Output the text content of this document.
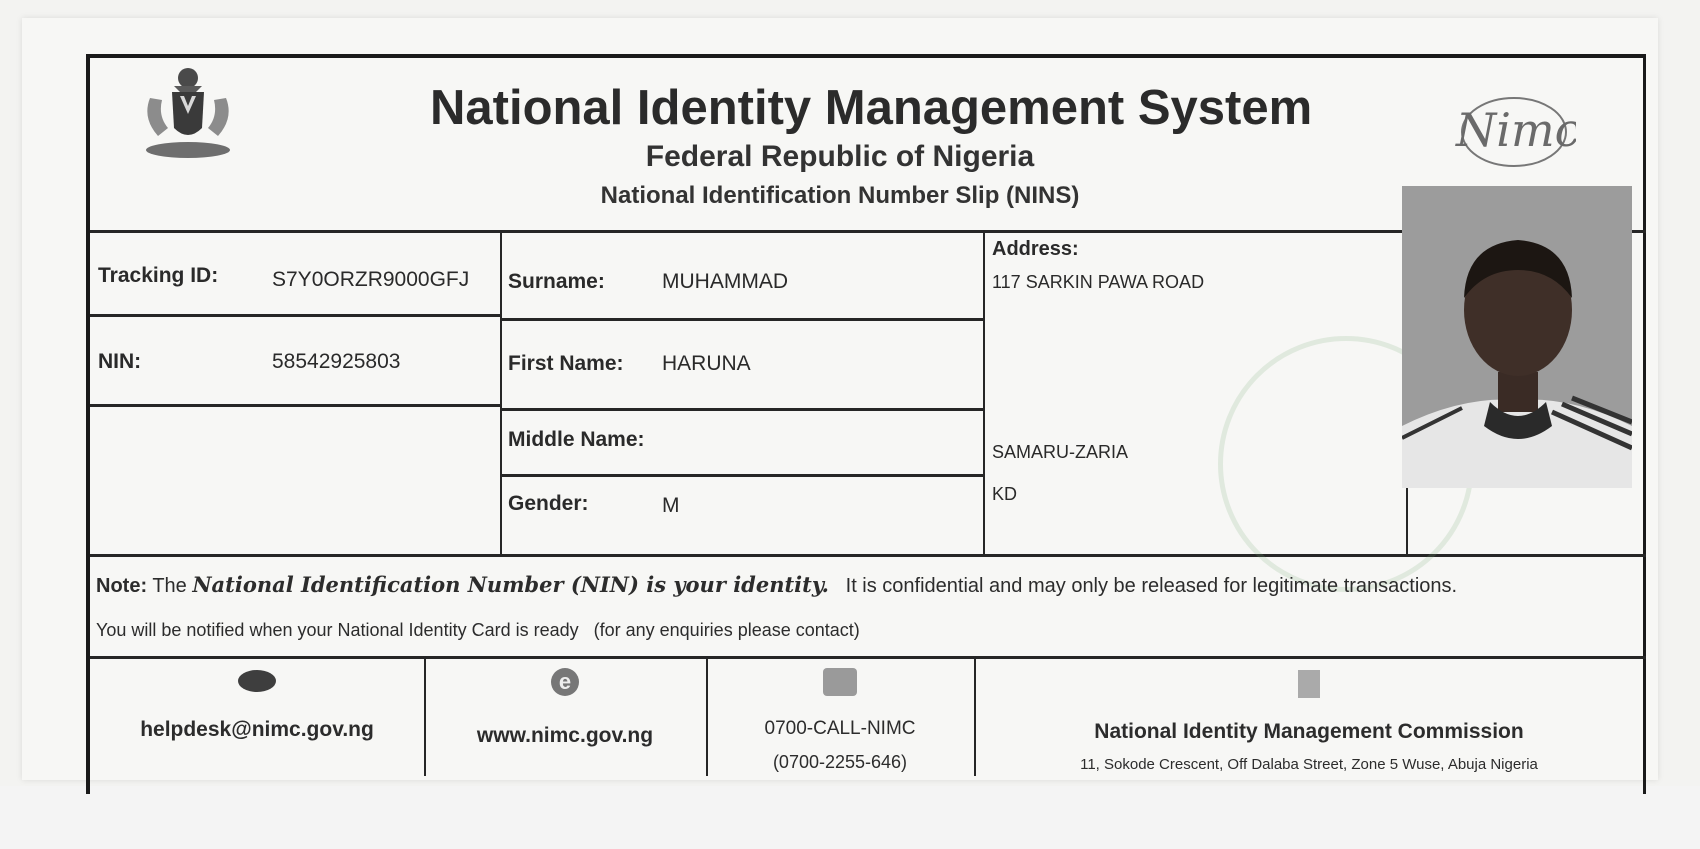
Nimc
National Identity Management System
Federal Republic of Nigeria
National Identification Number Slip (NINS)
Tracking ID:	S7Y0ORZR9000GFJ
NIN:	58542925803
Surname:	MUHAMMAD
First Name: HARUNA
Middle Name:
Gender:	M
Address:
117 SARKIN PAWA ROAD
SAMARU-ZARIA
KD
Note: The National Identification Number (NIN) is your identity. It is confidential and may only be released for legitimate transactions.
You will be notified when your National Identity Card is ready (for any enquiries please contact)
helpdesk@nimc.gov.ng
e
www.nimc.gov.ng	0700-CALL-NIMC
(0700-2255-646)
National Identity Management Commission
11, Sokode Crescent, Off Dalaba Street, Zone 5 Wuse, Abuja Nigeria
